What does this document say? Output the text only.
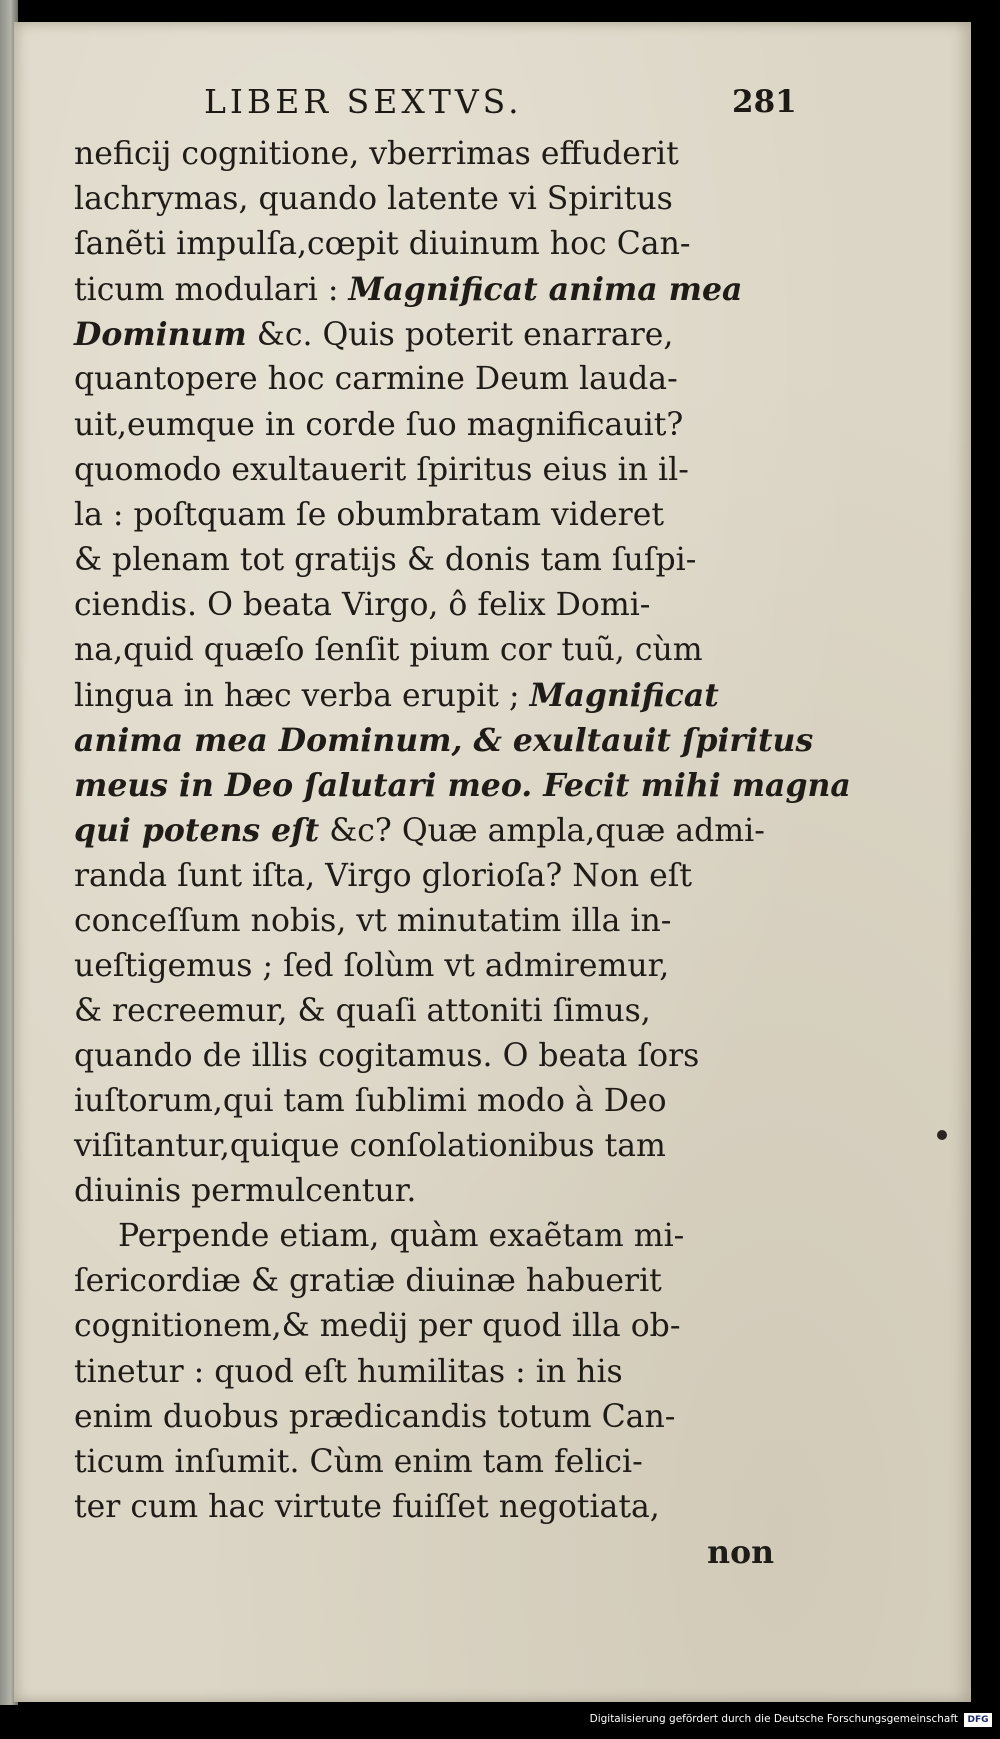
LIBER SEXTVS.	281
neficij cognitione, vberrimas effuderit
lachrymas, quando latente vi Spiritus
ſanẽti impulſa,cœpit diuinum hoc Can-
ticum modulari : Magnificat anima mea
Dominum &c. Quis poterit enarrare,
quantopere hoc carmine Deum lauda-
uit,eumque in corde ſuo magnificauit?
quomodo exultauerit ſpiritus eius in il-
la : poſtquam ſe obumbratam videret
& plenam tot gratijs & donis tam ſuſpi-
ciendis. O beata Virgo, ô felix Domi-
na,quid quæſo ſenſit pium cor tuũ, cùm
lingua in hæc verba erupit ; Magnificat
anima mea Dominum, & exultauit ſpiritus
meus in Deo ſalutari meo. Fecit mihi magna
qui potens eſt &c? Quæ ampla,quæ admi-
randa ſunt iſta, Virgo glorioſa? Non eſt
conceſſum nobis, vt minutatim illa in-
ueſtigemus ; ſed ſolùm vt admiremur,
& recreemur, & quaſi attoniti ſimus,
quando de illis cogitamus. O beata ſors
iuſtorum,qui tam ſublimi modo à Deo
viſitantur,quique conſolationibus tam
diuinis permulcentur.
Perpende etiam, quàm exaẽtam mi-
ſericordiæ & gratiæ diuinæ habuerit
cognitionem,& medij per quod illa ob-
tinetur : quod eſt humilitas : in his
enim duobus prædicandis totum Can-
ticum inſumit. Cùm enim tam felici-
ter cum hac virtute fuiſſet negotiata,
non
Digitalisierung gefördert durch die Deutsche Forschungsgemeinschaft	DFG
